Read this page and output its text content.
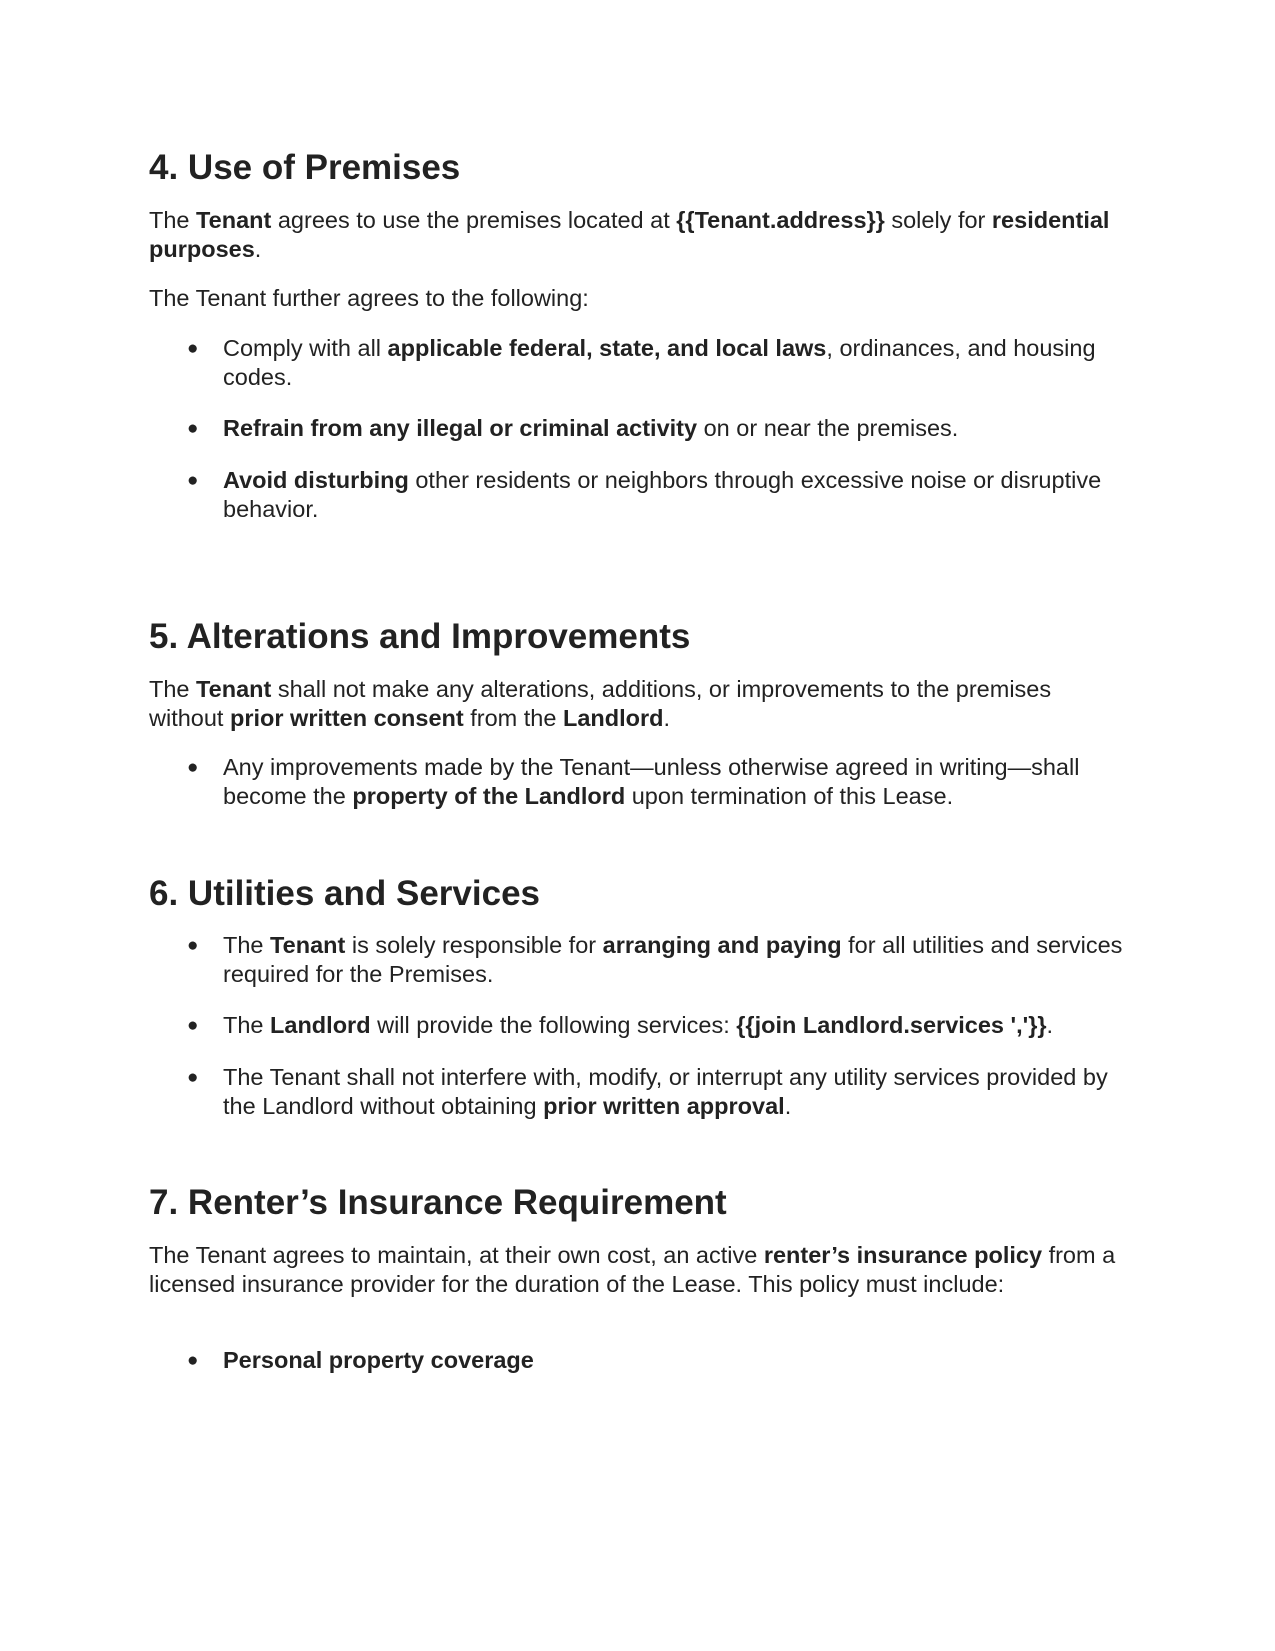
4. Use of Premises

The Tenant agrees to use the premises located at {{Tenant.address}} solely for residential purposes.

The Tenant further agrees to the following:

● Comply with all applicable federal, state, and local laws, ordinances, and housing codes.
● Refrain from any illegal or criminal activity on or near the premises.
● Avoid disturbing other residents or neighbors through excessive noise or disruptive behavior.
5. Alterations and Improvements

The Tenant shall not make any alterations, additions, or improvements to the premises without prior written consent from the Landlord.

● Any improvements made by the Tenant—unless otherwise agreed in writing—shall become the property of the Landlord upon termination of this Lease.
6. Utilities and Services
● The Tenant is solely responsible for arranging and paying for all utilities and services required for the Premises.
● The Landlord will provide the following services: {{join Landlord.services ','}}.
● The Tenant shall not interfere with, modify, or interrupt any utility services provided by the Landlord without obtaining prior written approval.
7. Renter’s Insurance Requirement

The Tenant agrees to maintain, at their own cost, an active renter’s insurance policy from a licensed insurance provider for the duration of the Lease. This policy must include:

● Personal property coverage
